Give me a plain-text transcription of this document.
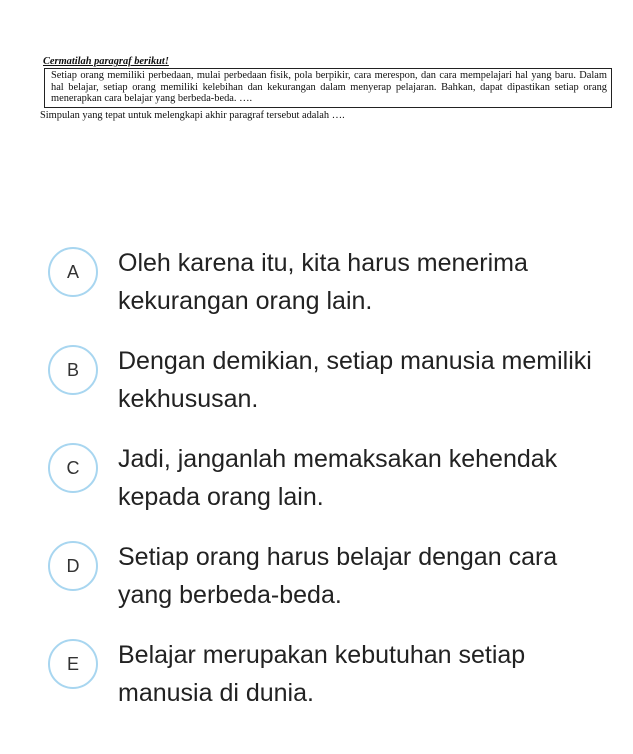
Cermatilah paragraf berikut!
Setiap orang memiliki perbedaan, mulai perbedaan fisik, pola berpikir, cara merespon, dan cara mempelajari hal yang baru. Dalam hal belajar, setiap orang memiliki kelebihan dan kekurangan dalam menyerap pelajaran. Bahkan, dapat dipastikan setiap orang menerapkan cara belajar yang berbeda-beda. ….
Simpulan yang tepat untuk melengkapi akhir paragraf tersebut adalah ….
A	Oleh karena itu, kita harus menerima kekurangan orang lain.
B	Dengan demikian, setiap manusia memiliki kekhususan.
C	Jadi, janganlah memaksakan kehendak kepada orang lain.
D	Setiap orang harus belajar dengan cara yang berbeda-beda.
E	Belajar merupakan kebutuhan setiap manusia di dunia.
